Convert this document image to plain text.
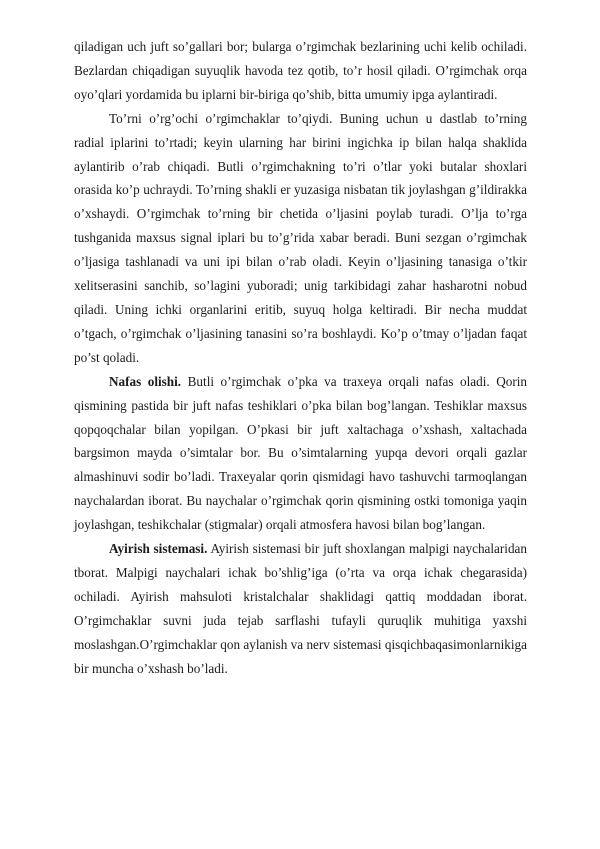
qiladigan uch juft so’gallari bor; bularga o’rgimchak bezlarining uchi kelib ochiladi. Bezlardan chiqadigan suyuqlik havoda tez qotib, to’r hosil qiladi. O’rgimchak orqa oyo’qlari yordamida bu iplarni bir-biriga qo’shib, bitta umumiy ipga aylantiradi.

To’rni o’rg’ochi o’rgimchaklar to’qiydi. Buning uchun u dastlab to’rning radial iplarini to’rtadi; keyin ularning har birini ingichka ip bilan halqa shaklida aylantirib o’rab chiqadi. Butli o’rgimchakning to’ri o’tlar yoki butalar shoxlari orasida ko’p uchraydi. To’rning shakli er yuzasiga nisbatan tik joylashgan g’ildirakka o’xshaydi. O’rgimchak to’rning bir chetida o’ljasini poylab turadi. O’lja to’rga tushganida maxsus signal iplari bu to’g’rida xabar beradi. Buni sezgan o’rgimchak o’ljasiga tashlanadi va uni ipi bilan o’rab oladi. Keyin o’ljasining tanasiga o’tkir xelitserasini sanchib, so’lagini yuboradi; unig tarkibidagi zahar hasharotni nobud qiladi. Uning ichki organlarini eritib, suyuq holga keltiradi. Bir necha muddat o’tgach, o’rgimchak o’ljasining tanasini so’ra boshlaydi. Ko’p o’tmay o’ljadan faqat po’st qoladi.

Nafas olishi. Butli o’rgimchak o’pka va traxeya orqali nafas oladi. Qorin qismining pastida bir juft nafas teshiklari o’pka bilan bog’langan. Teshiklar maxsus qopqoqchalar bilan yopilgan. O’pkasi bir juft xaltachaga o’xshash, xaltachada bargsimon mayda o’simtalar bor. Bu o’simtalarning yupqa devori orqali gazlar almashinuvi sodir bo’ladi. Traxeyalar qorin qismidagi havo tashuvchi tarmoqlangan naychalardan iborat. Bu naychalar o’rgimchak qorin qismining ostki tomoniga yaqin joylashgan, teshikchalar (stigmalar) orqali atmosfera havosi bilan bog’langan.

Ayirish sistemasi. Ayirish sistemasi bir juft shoxlangan malpigi naychalaridan tborat. Malpigi naychalari ichak bo’shlig’iga (o’rta va orqa ichak chegarasida) ochiladi. Ayirish mahsuloti kristalchalar shaklidagi qattiq moddadan iborat. O’rgimchaklar suvni juda tejab sarflashi tufayli quruqlik muhitiga yaxshi moslashgan.O’rgimchaklar qon aylanish va nerv sistemasi qisqichbaqasimonlarnikiga bir muncha o’xshash bo’ladi.
